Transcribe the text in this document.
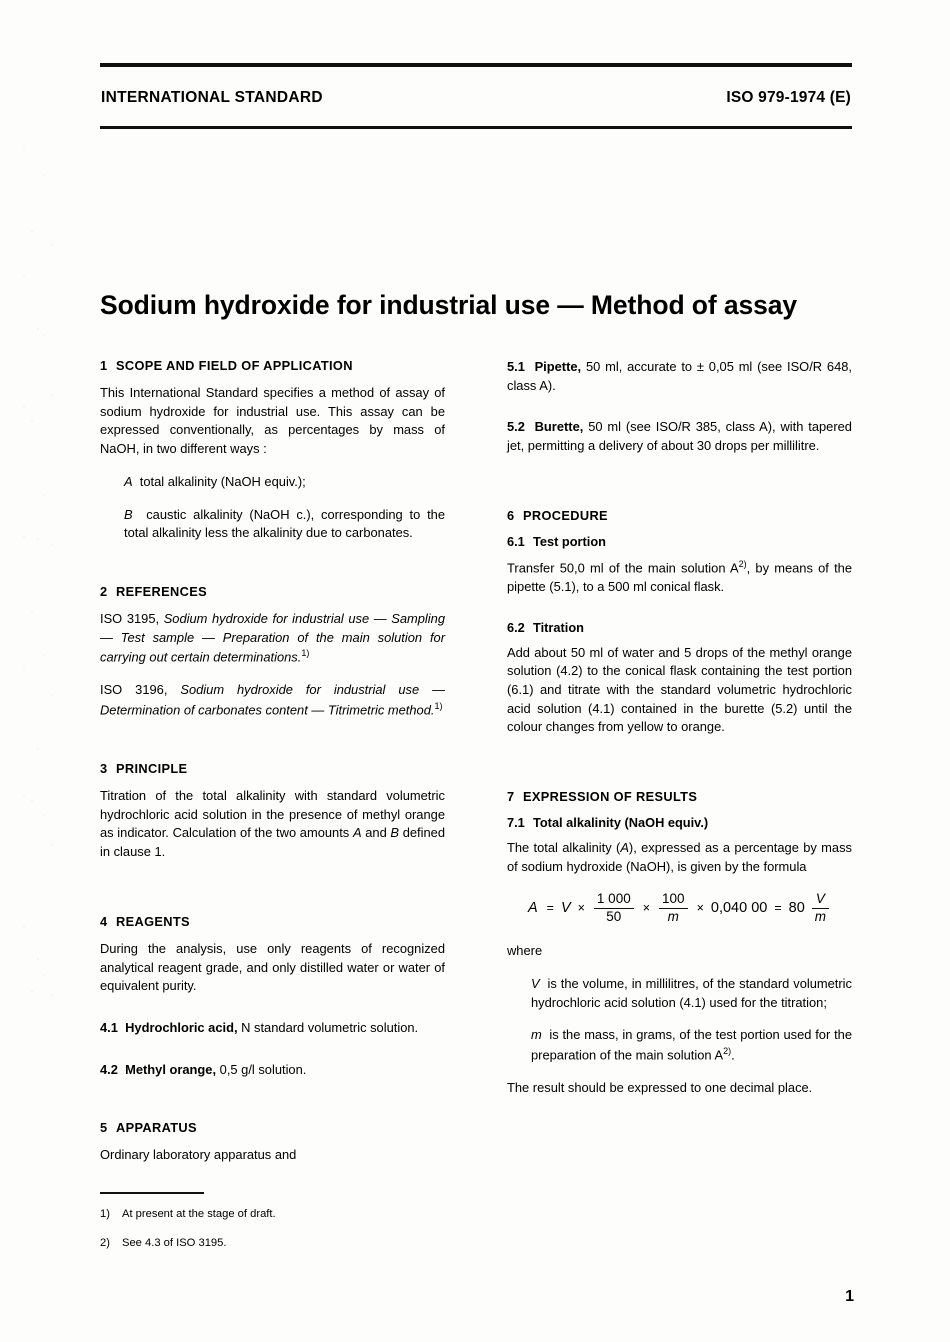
INTERNATIONAL STANDARD	ISO 979-1974 (E)
Sodium hydroxide for industrial use — Method of assay
1 SCOPE AND FIELD OF APPLICATION

This International Standard specifies a method of assay of sodium hydroxide for industrial use. This assay can be expressed conventionally, as percentages by mass of NaOH, in two different ways :

A total alkalinity (NaOH equiv.);

B caustic alkalinity (NaOH c.), corresponding to the total alkalinity less the alkalinity due to carbonates.

2 REFERENCES

ISO 3195, Sodium hydroxide for industrial use — Sampling — Test sample — Preparation of the main solution for carrying out certain determinations.$^{1)}$

ISO 3196, Sodium hydroxide for industrial use — Determination of carbonates content — Titrimetric method.$^{1)}$

3 PRINCIPLE

Titration of the total alkalinity with standard volumetric hydrochloric acid solution in the presence of methyl orange as indicator. Calculation of the two amounts A and B defined in clause 1.

4 REAGENTS

During the analysis, use only reagents of recognized analytical reagent grade, and only distilled water or water of equivalent purity.

4.1 Hydrochloric acid, N standard volumetric solution.

4.2 Methyl orange, 0,5 g/l solution.

5 APPARATUS

Ordinary laboratory apparatus and

5.1 Pipette, 50 ml, accurate to ± 0,05 ml (see ISO/R 648, class A).

5.2 Burette, 50 ml (see ISO/R 385, class A), with tapered jet, permitting a delivery of about 30 drops per millilitre.

6 PROCEDURE
6.1 Test portion

Transfer 50,0 ml of the main solution $A^{2)}$, by means of the pipette (5.1), to a 500 ml conical flask.

6.2 Titration

Add about 50 ml of water and 5 drops of the methyl orange solution (4.2) to the conical flask containing the test portion (6.1) and titrate with the standard volumetric hydrochloric acid solution (4.1) contained in the burette (5.2) until the colour changes from yellow to orange.

7 EXPRESSION OF RESULTS
7.1 Total alkalinity (NaOH equiv.)

The total alkalinity (A), expressed as a percentage by mass of sodium hydroxide (NaOH), is given by the formula

$A = V \times \frac{1 000}{50} \times \frac{100}{m} \times 0,040$ $00 = 80 \frac{V}{m}$

where

V is the volume, in millilitres, of the standard volumetric hydrochloric acid solution (4.1) used for the titration;

m is the mass, in grams, of the test portion used for the preparation of the main solution $A^{2)}$.

The result should be expressed to one decimal place.

1) At present at the stage of draft.
2) See 4.3 of ISO 3195.
1
